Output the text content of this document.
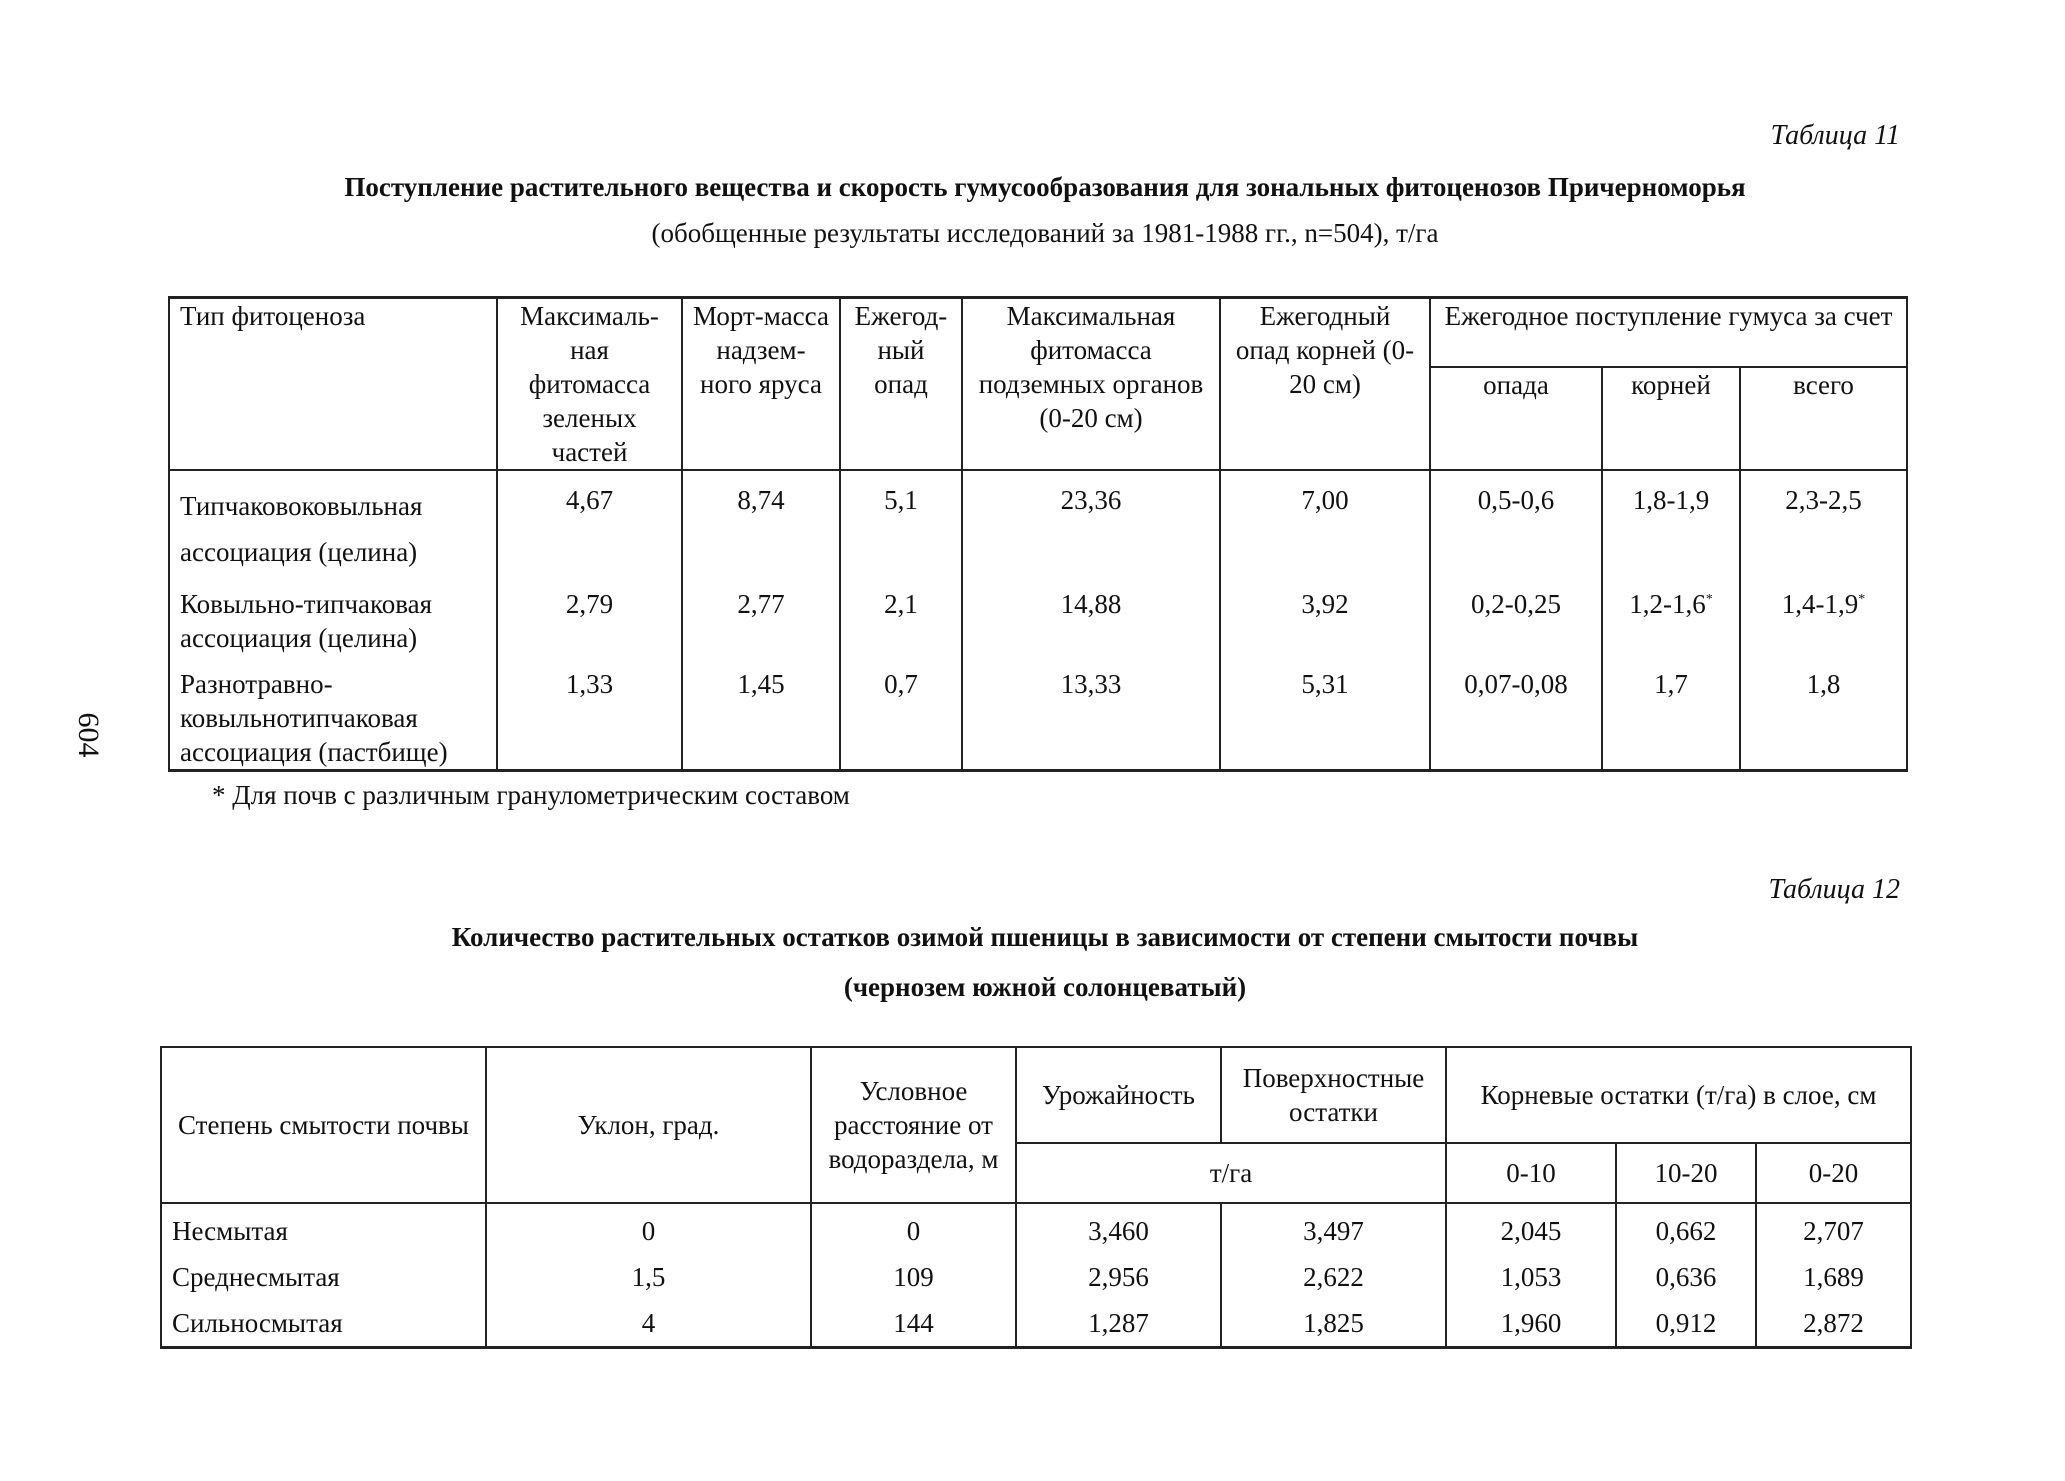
604
Таблица 11
Поступление растительного вещества и скорость гумусообразования для зональных фитоценозов Причерноморья
(обобщенные результаты исследований за 1981-1988 гг., n=504), т/га
Тип фитоценоза	Максималь-ная фитомасса зеленых частей	Морт-масса надзем-ного яруса	Ежегод-ный опад	Максимальная фитомасса подземных органов (0-20 см)	Ежегодный опад корней (0-20 см)	Ежегодное поступление гумуса за счет		
						опада	корней	всего
Типчаковоковыльная ассоциация (целина)	4,67	8,74	5,1	23,36	7,00	0,5-0,6	1,8-1,9	2,3-2,5
Ковыльно-типчаковая ассоциация (целина)	2,79	2,77	2,1	14,88	3,92	0,2-0,25	1,2-1,6*	1,4-1,9*
Разнотравно-ковыльнотипчаковая ассоциация (пастбище)	1,33	1,45	0,7	13,33	5,31	0,07-0,08	1,7	1,8
* Для почв с различным гранулометрическим составом
Таблица 12
Количество растительных остатков озимой пшеницы в зависимости от степени смытости почвы
(чернозем южной солонцеватый)
Степень смытости почвы	Уклон, град.	Условное расстояние от водораздела, м	Урожайность	Поверхностные остатки	Корневые остатки (т/га) в слое, см		
			т/га		0-10	10-20	0-20
Несмытая	0	0	3,460	3,497	2,045	0,662	2,707
Среднесмытая	1,5	109	2,956	2,622	1,053	0,636	1,689
Сильносмытая	4	144	1,287	1,825	1,960	0,912	2,872
